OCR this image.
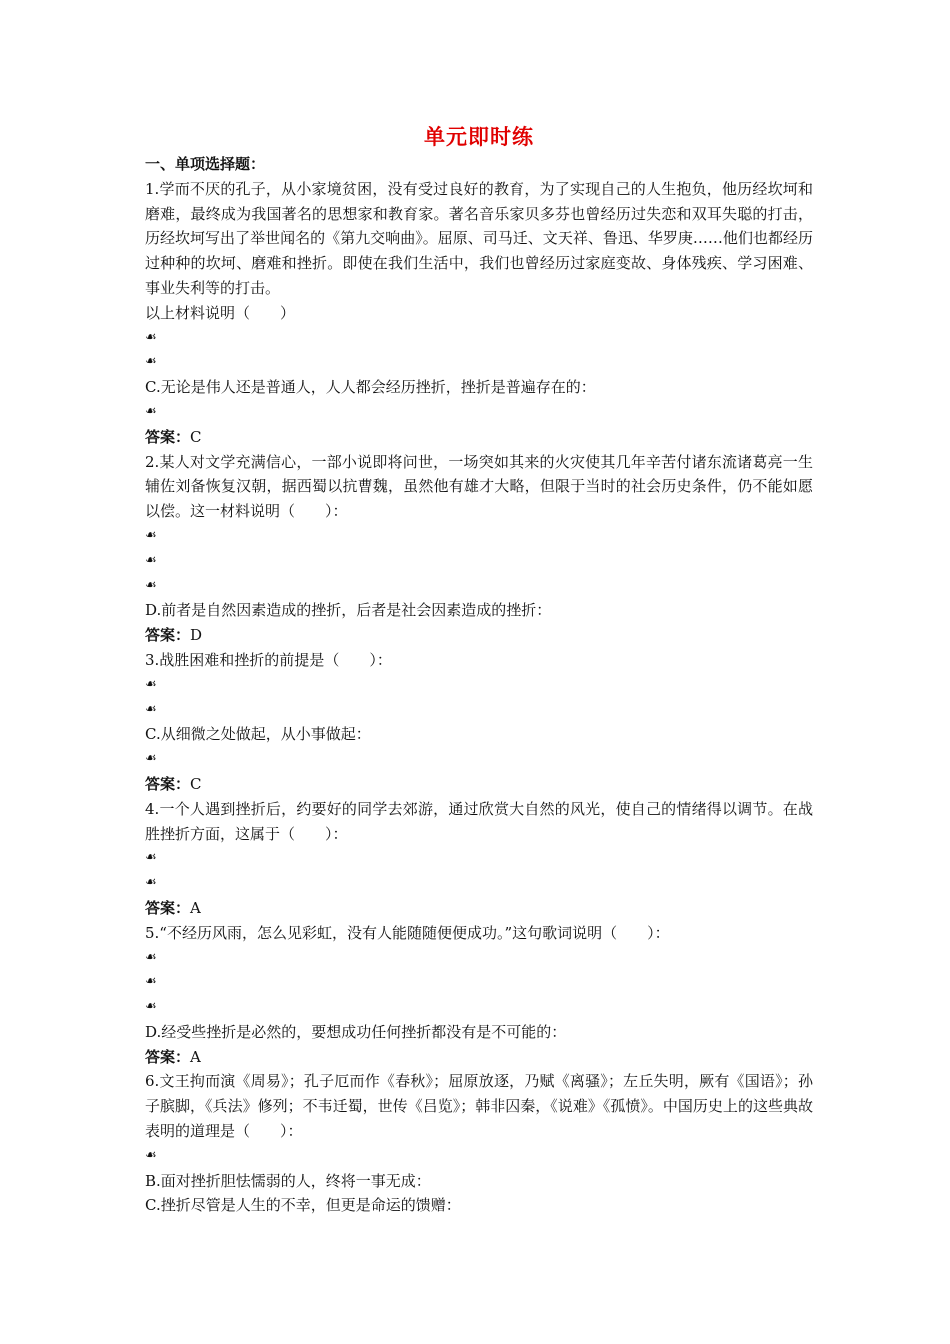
单元即时练
一、单项选择题：
1.学而不厌的孔子，从小家境贫困，没有受过良好的教育，为了实现自己的人生抱负，他历经坎坷和磨难，最终成为我国著名的思想家和教育家。著名音乐家贝多芬也曾经历过失恋和双耳失聪的打击，历经坎坷写出了举世闻名的《第九交响曲》。屈原、司马迁、文天祥、鲁迅、华罗庚……他们也都经历过种种的坎坷、磨难和挫折。即使在我们生活中，我们也曾经历过家庭变故、身体残疾、学习困难、事业失利等的打击。
以上材料说明（　　）
☙
☙
C.无论是伟人还是普通人，人人都会经历挫折，挫折是普遍存在的：
☙
答案：C
2.某人对文学充满信心，一部小说即将问世，一场突如其来的火灾使其几年辛苦付诸东流诸葛亮一生辅佐刘备恢复汉朝，据西蜀以抗曹魏，虽然他有雄才大略，但限于当时的社会历史条件，仍不能如愿以偿。这一材料说明（　　）：
☙
☙
☙
D.前者是自然因素造成的挫折，后者是社会因素造成的挫折：
答案：D
3.战胜困难和挫折的前提是（　　）：
☙
☙
C.从细微之处做起，从小事做起：
☙
答案：C
4.一个人遇到挫折后，约要好的同学去郊游，通过欣赏大自然的风光，使自己的情绪得以调节。在战胜挫折方面，这属于（　　）：
☙
☙
答案：A
5.“不经历风雨，怎么见彩虹，没有人能随随便便成功。”这句歌词说明（　　）：
☙
☙
☙
D.经受些挫折是必然的，要想成功任何挫折都没有是不可能的：
答案：A
6.文王拘而演《周易》；孔子厄而作《春秋》；屈原放逐，乃赋《离骚》；左丘失明，厥有《国语》；孙子膑脚，《兵法》修列；不韦迁蜀，世传《吕览》；韩非囚秦，《说难》《孤愤》。中国历史上的这些典故表明的道理是（　　）：
☙
B.面对挫折胆怯懦弱的人，终将一事无成：
C.挫折尽管是人生的不幸，但更是命运的馈赠：
